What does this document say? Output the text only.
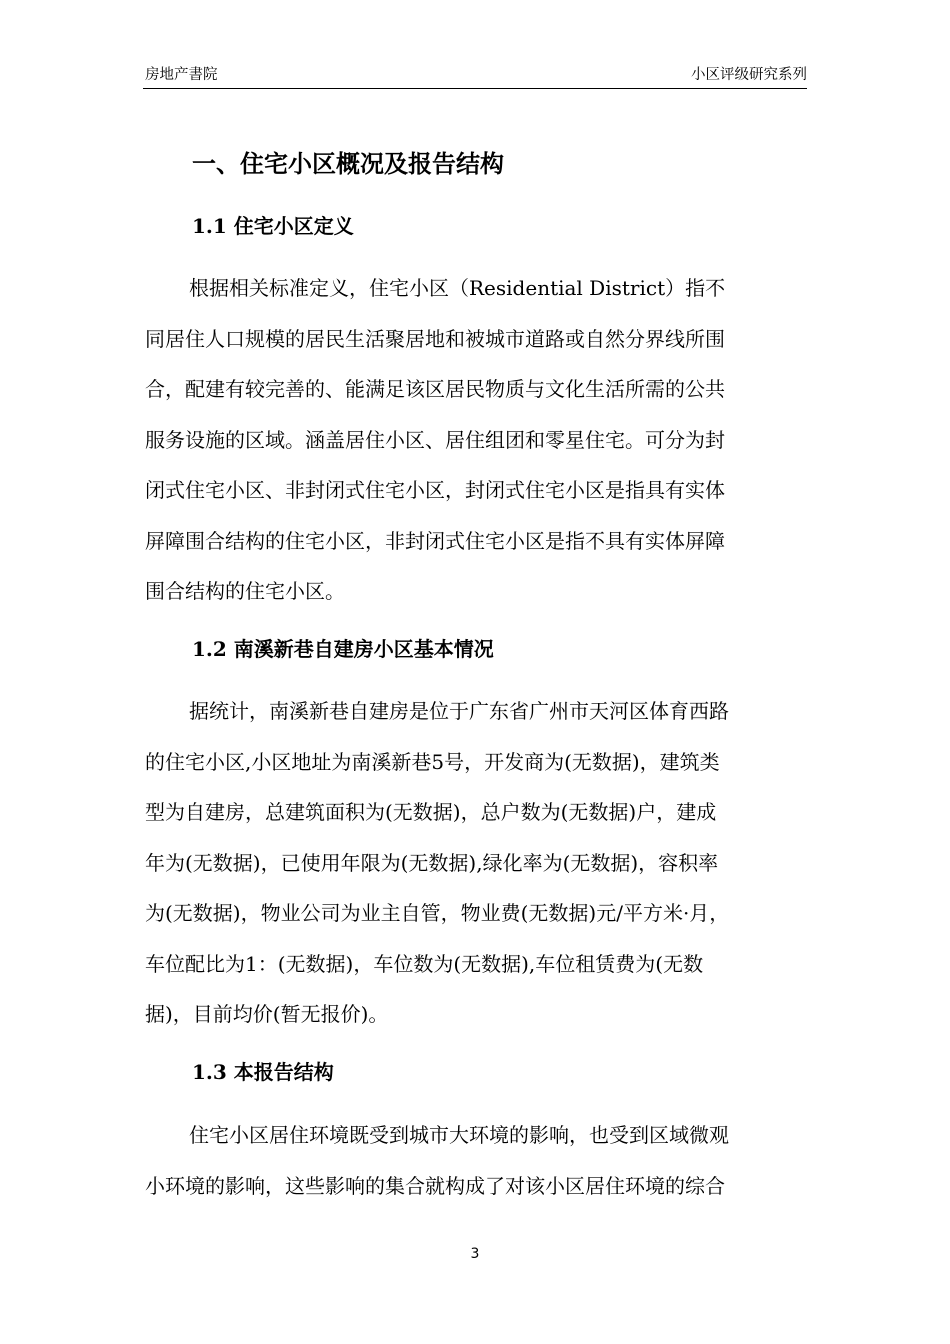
房地产書院	小区评级研究系列
一、住宅小区概况及报告结构
1.1 住宅小区定义
根据相关标准定义，住宅小区（Residential District）指不
同居住人口规模的居民生活聚居地和被城市道路或自然分界线所围
合，配建有较完善的、能满足该区居民物质与文化生活所需的公共
服务设施的区域。涵盖居住小区、居住组团和零星住宅。可分为封
闭式住宅小区、非封闭式住宅小区，封闭式住宅小区是指具有实体
屏障围合结构的住宅小区，非封闭式住宅小区是指不具有实体屏障
围合结构的住宅小区。
1.2 南溪新巷自建房小区基本情况
据统计，南溪新巷自建房是位于广东省广州市天河区体育西路
的住宅小区,小区地址为南溪新巷5号，开发商为(无数据)，建筑类
型为自建房，总建筑面积为(无数据)，总户数为(无数据)户，建成
年为(无数据)，已使用年限为(无数据),绿化率为(无数据)，容积率
为(无数据)，物业公司为业主自管，物业费(无数据)元/平方米·月，
车位配比为1：(无数据)，车位数为(无数据),车位租赁费为(无数
据)，目前均价(暂无报价)。
1.3 本报告结构
住宅小区居住环境既受到城市大环境的影响，也受到区域微观
小环境的影响，这些影响的集合就构成了对该小区居住环境的综合
3
